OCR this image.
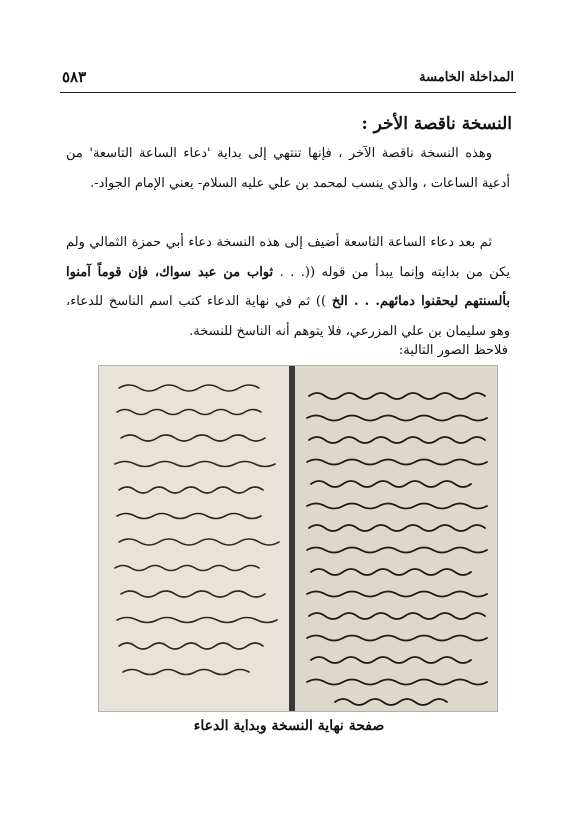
٥٨٣	المداخلة الخامسة
النسخة ناقصة الأخر :

وهذه النسخة ناقصة الآخر ، فإنها تنتهي إلى بداية 'دعاء الساعة التاسعة' من أدعية الساعات ، والذي ينسب لمحمد بن علي عليه السلام- يعني الإمام الجواد-.

ثم بعد دعاء الساعة التاسعة أضيف إلى هذه النسخة دعاء أبي حمزة الثمالي ولم يكن من بدايته وإنما يبدأ من قوله ((. . . ثواب من عبد سواك، فإن قوماً آمنوا بألسنتهم ليحقنوا دمائهم. . . الخ )) ثم في نهاية الدعاء كتب اسم الناسخ للدعاء، وهو سليمان بن علي المزرعي، فلا يتوهم أنه الناسخ للنسخة.

فلاحظ الصور التالية:
صفحة نهاية النسخة وبداية الدعاء
